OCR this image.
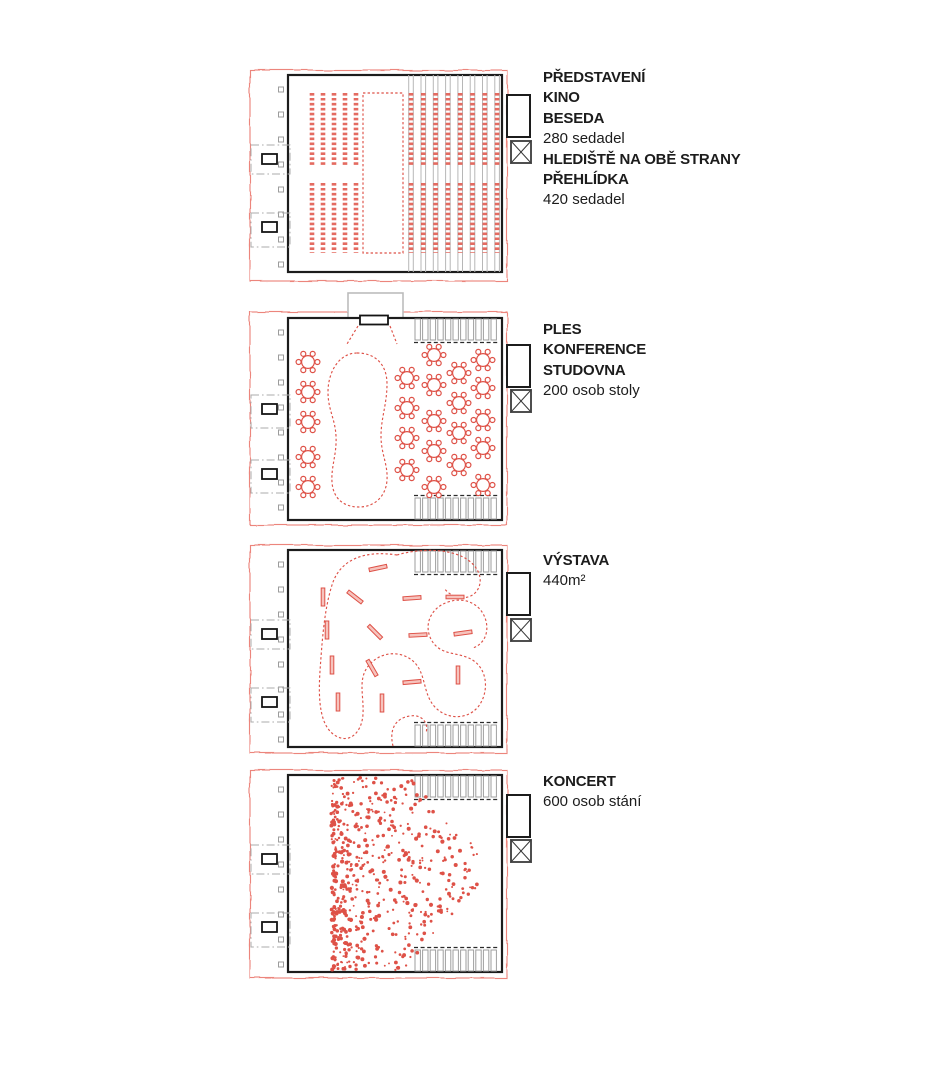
PŘEDSTAVENÍ
KINO
BESEDA
280 sedadel
HLEDIŠTĚ NA OBĚ STRANY
PŘEHLÍDKA
420 sedadel
PLES
KONFERENCE
STUDOVNA
200 osob stoly
VÝSTAVA
440m²
KONCERT
600 osob stání
